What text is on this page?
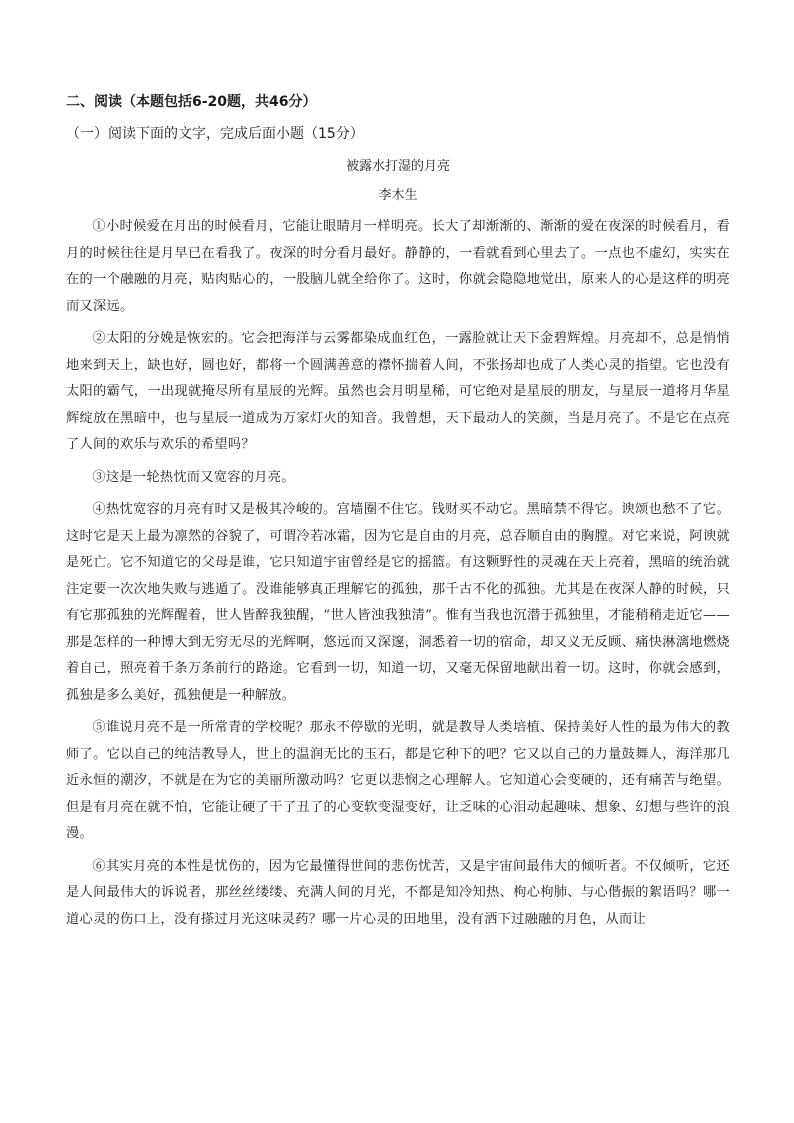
二、阅读（本题包括6-20题，共46分）
（一）阅读下面的文字，完成后面小题（15分）
被露水打湿的月亮
李木生

①小时候爱在月出的时候看月，它能让眼睛月一样明亮。长大了却渐渐的、渐渐的爱在夜深的时候看月，看月的时候往往是月早已在看我了。夜深的时分看月最好。静静的，一看就看到心里去了。一点也不虚幻，实实在在的一个融融的月亮，贴肉贴心的，一股脑儿就全给你了。这时，你就会隐隐地觉出，原来人的心是这样的明亮而又深远。

②太阳的分娩是恢宏的。它会把海洋与云雾都染成血红色，一露脸就让天下金碧辉煌。月亮却不，总是悄悄地来到天上，缺也好，圆也好，都将一个圆满善意的襟怀揣着人间，不张扬却也成了人类心灵的指望。它也没有太阳的霸气，一出现就掩尽所有星辰的光辉。虽然也会月明星稀，可它绝对是星辰的朋友，与星辰一道将月华星辉绽放在黑暗中，也与星辰一道成为万家灯火的知音。我曾想，天下最动人的笑颜，当是月亮了。不是它在点亮了人间的欢乐与欢乐的希望吗？

③这是一轮热忱而又宽容的月亮。

④热忱宽容的月亮有时又是极其冷峻的。宫墙圈不住它。钱财买不动它。黑暗禁不得它。谀颂也愁不了它。这时它是天上最为凛然的谷貌了，可谓冷若冰霜，因为它是自由的月亮，总吞顺自由的胸膛。对它来说，阿谀就是死亡。它不知道它的父母是谁，它只知道宇宙曾经是它的摇篮。有这颗野性的灵魂在天上亮着，黑暗的统治就注定要一次次地失败与逃遁了。没谁能够真正理解它的孤独，那千古不化的孤独。尤其是在夜深人静的时候，只有它那孤独的光辉醒着，世人皆醉我独醒，“世人皆浊我独清”。惟有当我也沉潜于孤独里，才能稍稍走近它——那是怎样的一种博大到无穷无尽的光辉啊，悠远而又深邃，洞悉着一切的宿命，却又义无反顾、痛快淋漓地燃烧着自己，照亮着千条万条前行的路途。它看到一切，知道一切，又毫无保留地献出着一切。这时，你就会感到，孤独是多么美好，孤独便是一种解放。

⑤谁说月亮不是一所常青的学校呢？那永不停歇的光明，就是教导人类培植、保持美好人性的最为伟大的教师了。它以自己的纯洁教导人，世上的温润无比的玉石，都是它种下的吧？它又以自己的力量鼓舞人，海洋那几近永恒的潮汐，不就是在为它的美丽所激动吗？它更以悲悯之心理解人。它知道心会变硬的，还有痛苦与绝望。但是有月亮在就不怕，它能让硬了干了丑了的心变软变湿变好，让乏味的心泪动起趣味、想象、幻想与些许的浪漫。

⑥其实月亮的本性是忧伤的，因为它最懂得世间的悲伤忧苦，又是宇宙间最伟大的倾听者。不仅倾听，它还是人间最伟大的诉说者，那丝丝缕缕、充满人间的月光，不都是知冷知热、枸心枸肺、与心偕振的絮语吗？哪一道心灵的伤口上，没有搽过月光这味灵药？哪一片心灵的田地里，没有洒下过融融的月色，从而让
